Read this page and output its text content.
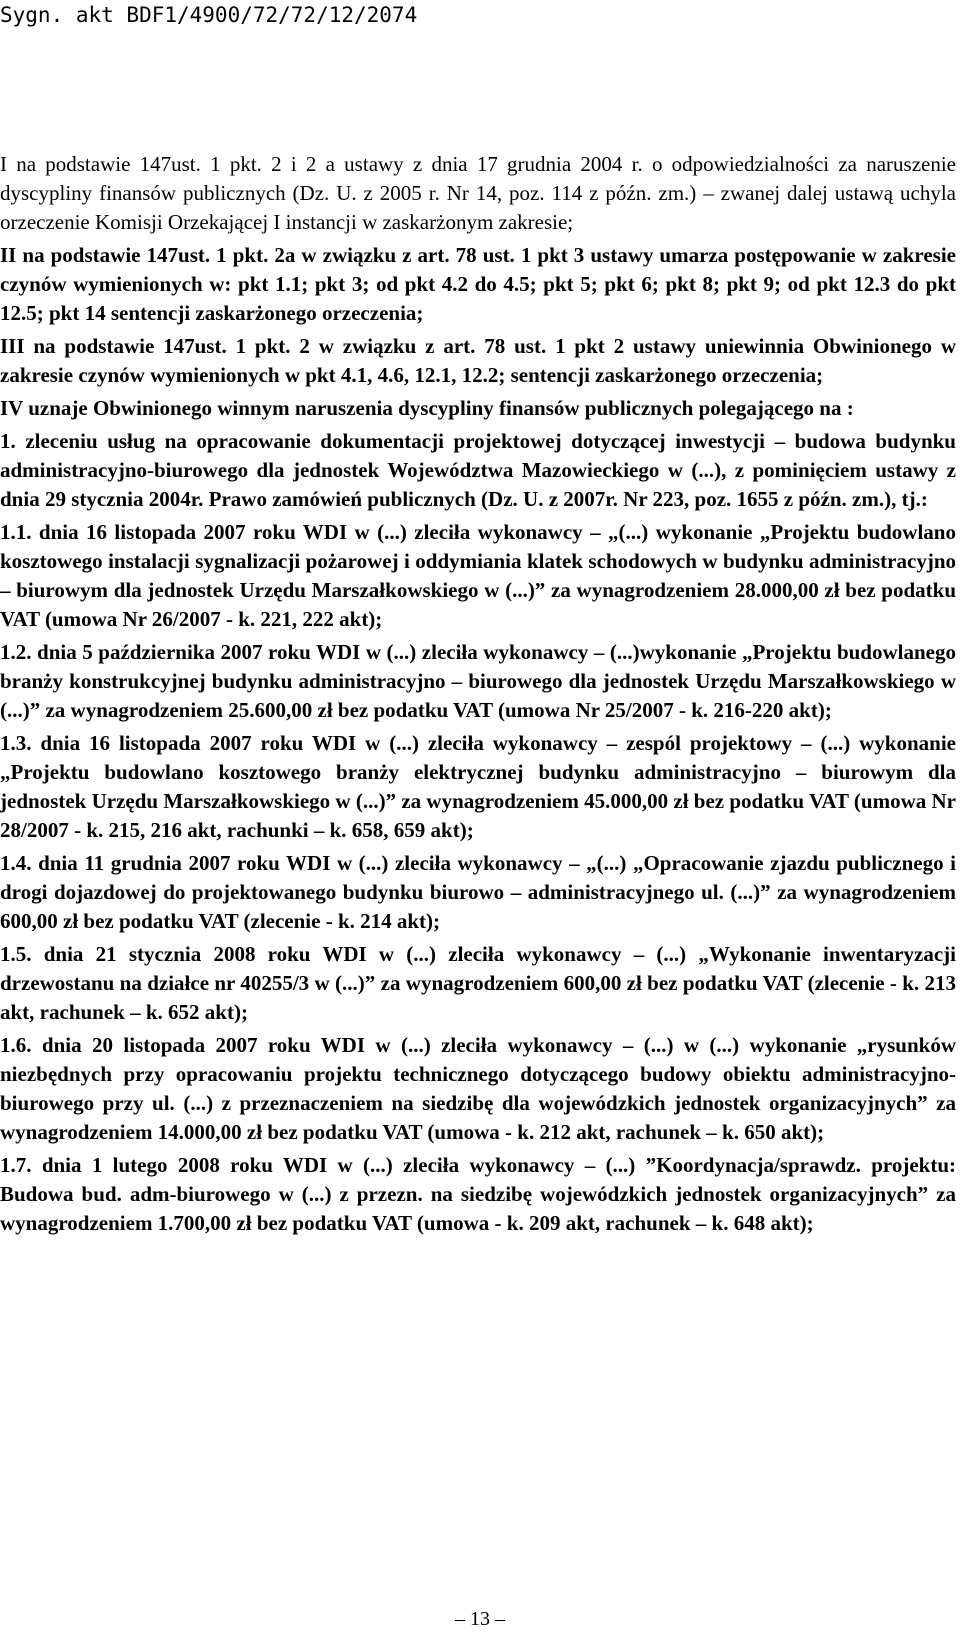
Sygn. akt BDF1/4900/72/72/12/2074

I na podstawie 147ust. 1 pkt. 2 i 2 a ustawy z dnia 17 grudnia 2004 r. o odpowiedzialności za naruszenie dyscypliny finansów publicznych (Dz. U. z 2005 r. Nr 14, poz. 114 z późn. zm.) – zwanej dalej ustawą uchyla orzeczenie Komisji Orzekającej I instancji w zaskarżonym zakresie;

II na podstawie 147ust. 1 pkt. 2a w związku z art. 78 ust. 1 pkt 3 ustawy umarza postępowanie w zakresie czynów wymienionych w: pkt 1.1; pkt 3; od pkt 4.2 do 4.5; pkt 5; pkt 6; pkt 8; pkt 9; od pkt 12.3 do pkt 12.5; pkt 14 sentencji zaskarżonego orzeczenia;

III na podstawie 147ust. 1 pkt. 2 w związku z art. 78 ust. 1 pkt 2 ustawy uniewinnia Obwinionego w zakresie czynów wymienionych w pkt 4.1, 4.6, 12.1, 12.2; sentencji zaskarżonego orzeczenia;

IV uznaje Obwinionego winnym naruszenia dyscypliny finansów publicznych polegającego na :

1. zleceniu usług na opracowanie dokumentacji projektowej dotyczącej inwestycji – budowa budynku administracyjno-biurowego dla jednostek Województwa Mazowieckiego w (...), z pominięciem ustawy z dnia 29 stycznia 2004r. Prawo zamówień publicznych (Dz. U. z 2007r. Nr 223, poz. 1655 z późn. zm.), tj.:

1.1. dnia 16 listopada 2007 roku WDI w (...) zleciła wykonawcy – „(...) wykonanie „Projektu budowlano kosztowego instalacji sygnalizacji pożarowej i oddymiania klatek schodowych w budynku administracyjno – biurowym dla jednostek Urzędu Marszałkowskiego w (...)” za wynagrodzeniem 28.000,00 zł bez podatku VAT (umowa Nr 26/2007 - k. 221, 222 akt);

1.2. dnia 5 października 2007 roku WDI w (...) zleciła wykonawcy – (...)wykonanie „Projektu budowlanego branży konstrukcyjnej budynku administracyjno – biurowego dla jednostek Urzędu Marszałkowskiego w (...)” za wynagrodzeniem 25.600,00 zł bez podatku VAT (umowa Nr 25/2007 - k. 216-220 akt);

1.3. dnia 16 listopada 2007 roku WDI w (...) zleciła wykonawcy – zespól projektowy – (...) wykonanie „Projektu budowlano kosztowego branży elektrycznej budynku administracyjno – biurowym dla jednostek Urzędu Marszałkowskiego w (...)” za wynagrodzeniem 45.000,00 zł bez podatku VAT (umowa Nr 28/2007 - k. 215, 216 akt, rachunki – k. 658, 659 akt);

1.4. dnia 11 grudnia 2007 roku WDI w (...) zleciła wykonawcy – „(...) „Opracowanie zjazdu publicznego i drogi dojazdowej do projektowanego budynku biurowo – administracyjnego ul. (...)” za wynagrodzeniem 600,00 zł bez podatku VAT (zlecenie - k. 214 akt);

1.5. dnia 21 stycznia 2008 roku WDI w (...) zleciła wykonawcy – (...) „Wykonanie inwentaryzacji drzewostanu na działce nr 40255/3 w (...)” za wynagrodzeniem 600,00 zł bez podatku VAT (zlecenie - k. 213 akt, rachunek – k. 652 akt);

1.6. dnia 20 listopada 2007 roku WDI w (...) zleciła wykonawcy – (...) w (...) wykonanie „rysunków niezbędnych przy opracowaniu projektu technicznego dotyczącego budowy obiektu administracyjno-biurowego przy ul. (...) z przeznaczeniem na siedzibę dla wojewódzkich jednostek organizacyjnych” za wynagrodzeniem 14.000,00 zł bez podatku VAT (umowa - k. 212 akt, rachunek – k. 650 akt);

1.7. dnia 1 lutego 2008 roku WDI w (...) zleciła wykonawcy – (...) ”Koordynacja/sprawdz. projektu: Budowa bud. adm-biurowego w (...) z przezn. na siedzibę wojewódzkich jednostek organizacyjnych” za wynagrodzeniem 1.700,00 zł bez podatku VAT (umowa - k. 209 akt, rachunek – k. 648 akt);

– 13 –
